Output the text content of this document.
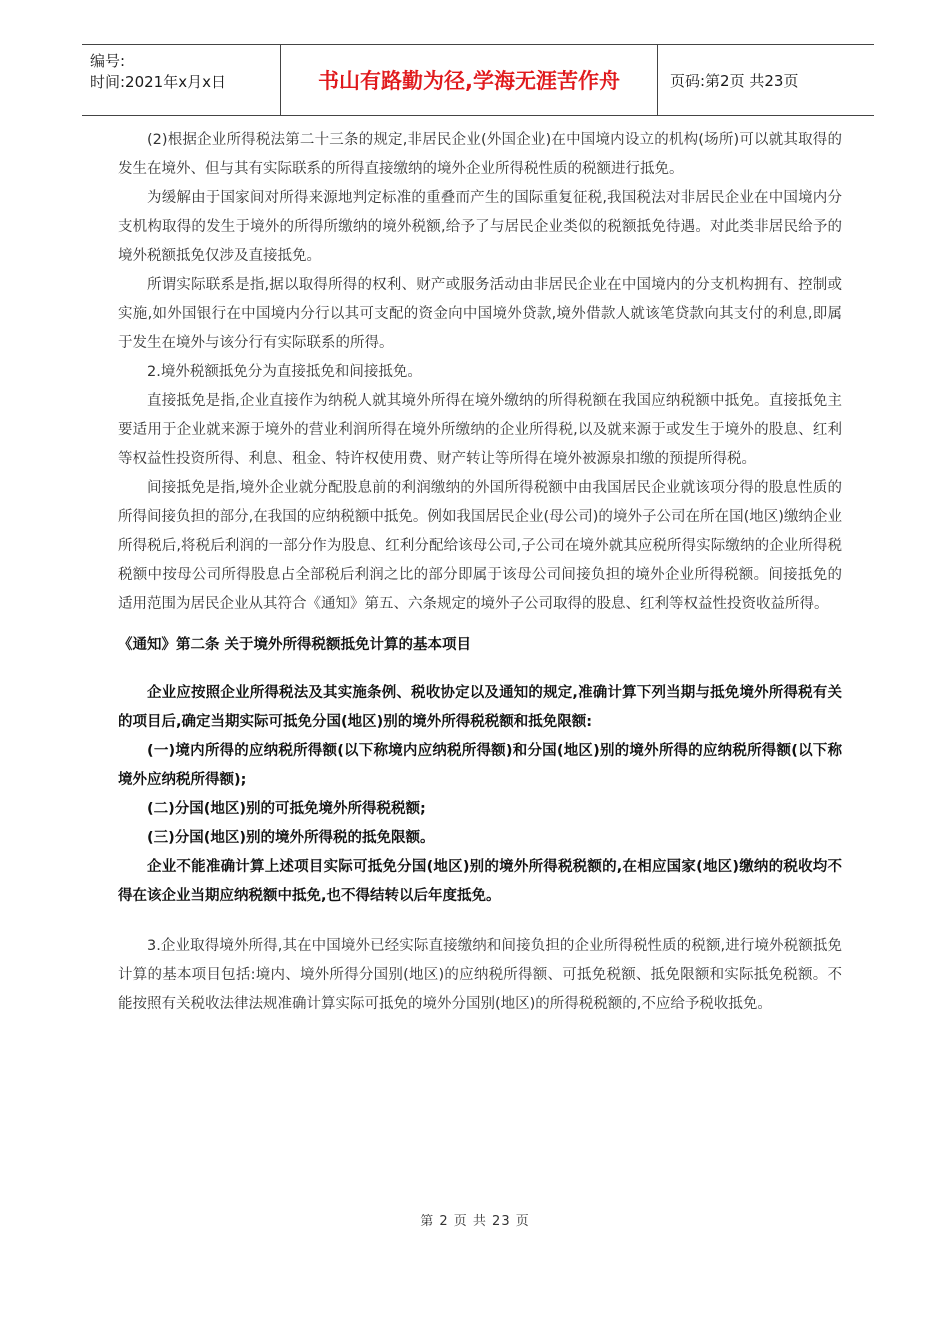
编号:
时间:2021年x月x日	书山有路勤为径,学海无涯苦作舟	页码:第2页 共23页

(2)根据企业所得税法第二十三条的规定,非居民企业(外国企业)在中国境内设立的机构(场所)可以就其取得的发生在境外、但与其有实际联系的所得直接缴纳的境外企业所得税性质的税额进行抵免。

为缓解由于国家间对所得来源地判定标准的重叠而产生的国际重复征税,我国税法对非居民企业在中国境内分支机构取得的发生于境外的所得所缴纳的境外税额,给予了与居民企业类似的税额抵免待遇。对此类非居民给予的境外税额抵免仅涉及直接抵免。

所谓实际联系是指,据以取得所得的权利、财产或服务活动由非居民企业在中国境内的分支机构拥有、控制或实施,如外国银行在中国境内分行以其可支配的资金向中国境外贷款,境外借款人就该笔贷款向其支付的利息,即属于发生在境外与该分行有实际联系的所得。

2.境外税额抵免分为直接抵免和间接抵免。

直接抵免是指,企业直接作为纳税人就其境外所得在境外缴纳的所得税额在我国应纳税额中抵免。直接抵免主要适用于企业就来源于境外的营业利润所得在境外所缴纳的企业所得税,以及就来源于或发生于境外的股息、红利等权益性投资所得、利息、租金、特许权使用费、财产转让等所得在境外被源泉扣缴的预提所得税。

间接抵免是指,境外企业就分配股息前的利润缴纳的外国所得税额中由我国居民企业就该项分得的股息性质的所得间接负担的部分,在我国的应纳税额中抵免。例如我国居民企业(母公司)的境外子公司在所在国(地区)缴纳企业所得税后,将税后利润的一部分作为股息、红利分配给该母公司,子公司在境外就其应税所得实际缴纳的企业所得税税额中按母公司所得股息占全部税后利润之比的部分即属于该母公司间接负担的境外企业所得税额。间接抵免的适用范围为居民企业从其符合《通知》第五、六条规定的境外子公司取得的股息、红利等权益性投资收益所得。

《通知》第二条 关于境外所得税额抵免计算的基本项目

企业应按照企业所得税法及其实施条例、税收协定以及通知的规定,准确计算下列当期与抵免境外所得税有关的项目后,确定当期实际可抵免分国(地区)别的境外所得税税额和抵免限额:

(一)境内所得的应纳税所得额(以下称境内应纳税所得额)和分国(地区)别的境外所得的应纳税所得额(以下称境外应纳税所得额);

(二)分国(地区)别的可抵免境外所得税税额;

(三)分国(地区)别的境外所得税的抵免限额。

企业不能准确计算上述项目实际可抵免分国(地区)别的境外所得税税额的,在相应国家(地区)缴纳的税收均不得在该企业当期应纳税额中抵免,也不得结转以后年度抵免。

3.企业取得境外所得,其在中国境外已经实际直接缴纳和间接负担的企业所得税性质的税额,进行境外税额抵免计算的基本项目包括:境内、境外所得分国别(地区)的应纳税所得额、可抵免税额、抵免限额和实际抵免税额。不能按照有关税收法律法规准确计算实际可抵免的境外分国别(地区)的所得税税额的,不应给予税收抵免。

第 2 页 共 23 页
